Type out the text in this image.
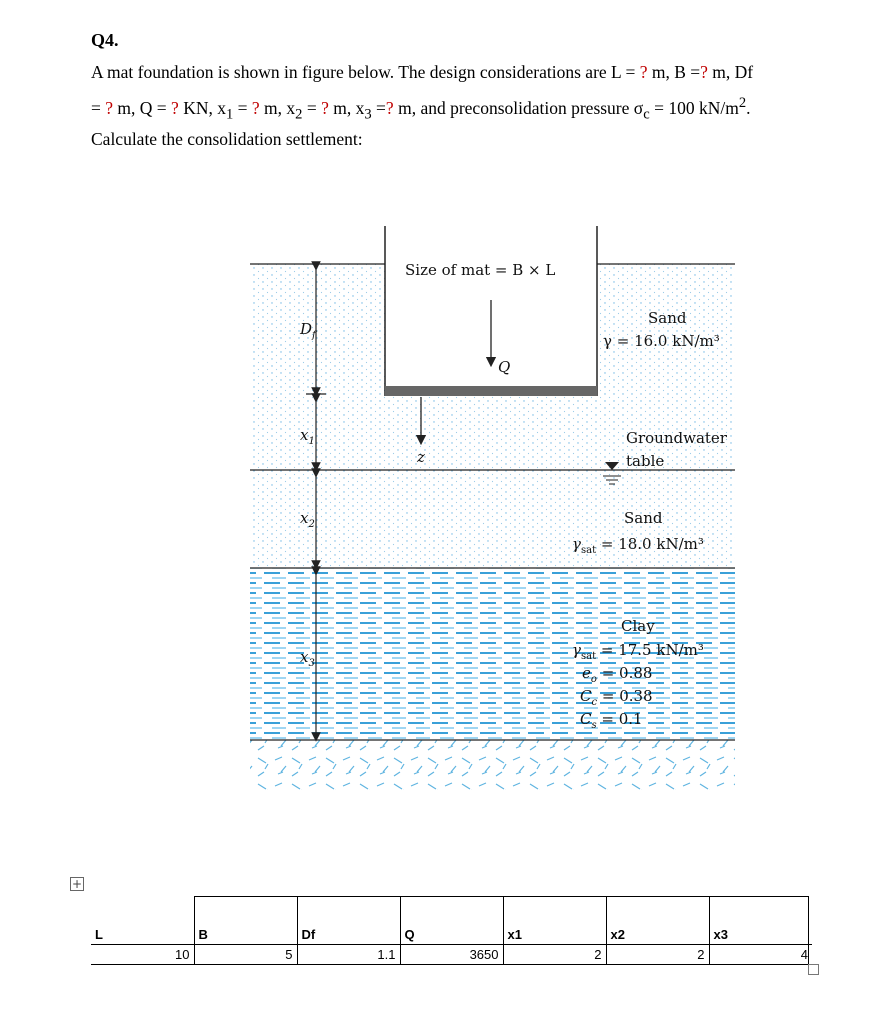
Q4.
A mat foundation is shown in figure below. The design considerations are L = ? m, B =? m, Df
= ? m, Q = ? KN, $x_1$ = ? m, $x_2$ = ? m, $x_3$ =? m, and preconsolidation pressure $\sigma_c = 100$ $kN/m^2$.
Calculate the consolidation settlement:
$D_f$
$x_1$
$x_2$
$x_3$
Size of mat = B × L
Q
z
Sand
γ = 16.0 kN/m³
Groundwater
table
Sand
$\gamma_{sat} = 18.0$ kN/m³
Clay
$\gamma_{sat} = 17.5$ kN/m³
$e_o = 0.88$
$C_c = 0.38$
$C_s = 0.1$
+
L	B	Df	Q	x1	x2	x3
10	5	1.1	3650	2	2	4
